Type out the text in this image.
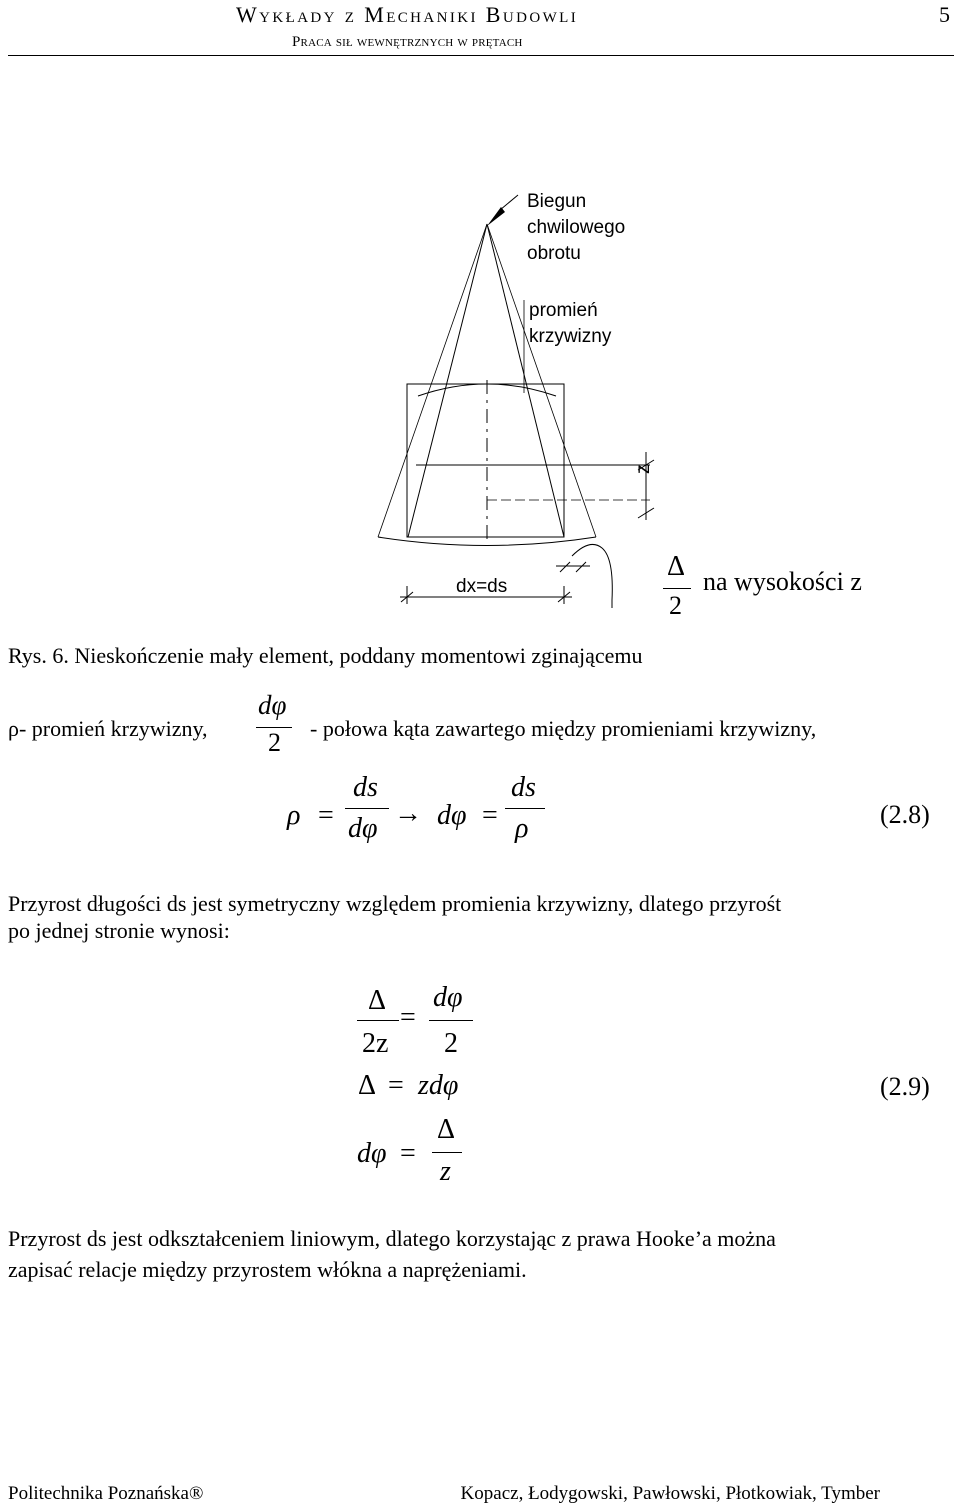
Wykłady z Mechaniki Budowli	5
Praca sił wewnętrznych w prętach
Biegun
chwilowego
obrotu
promień
krzywizny
z
dx=ds
Δ
2
na wysokości z
Rys. 6. Nieskończenie mały element, poddany momentowi zginającemu
ρ- promień krzywizny,
dφ
2 - połowa kąta zawartego między promieniami krzywizny,
ρ =
ds
dφ → dφ =
ds
ρ	(2.8)
Przyrost długości ds jest symetryczny względem promienia krzywizny, dlatego przyrośt
po jednej stronie wynosi:
Δ
2z
=
dφ
2
Δ = zdφ	(2.9)
dφ =
Δ
z
Przyrost ds jest odkształceniem liniowym, dlatego korzystając z prawa Hooke’a można
zapisać relacje między przyrostem włókna a naprężeniami.
Politechnika Poznańska®	Kopacz, Łodygowski, Pawłowski, Płotkowiak, Tymber
